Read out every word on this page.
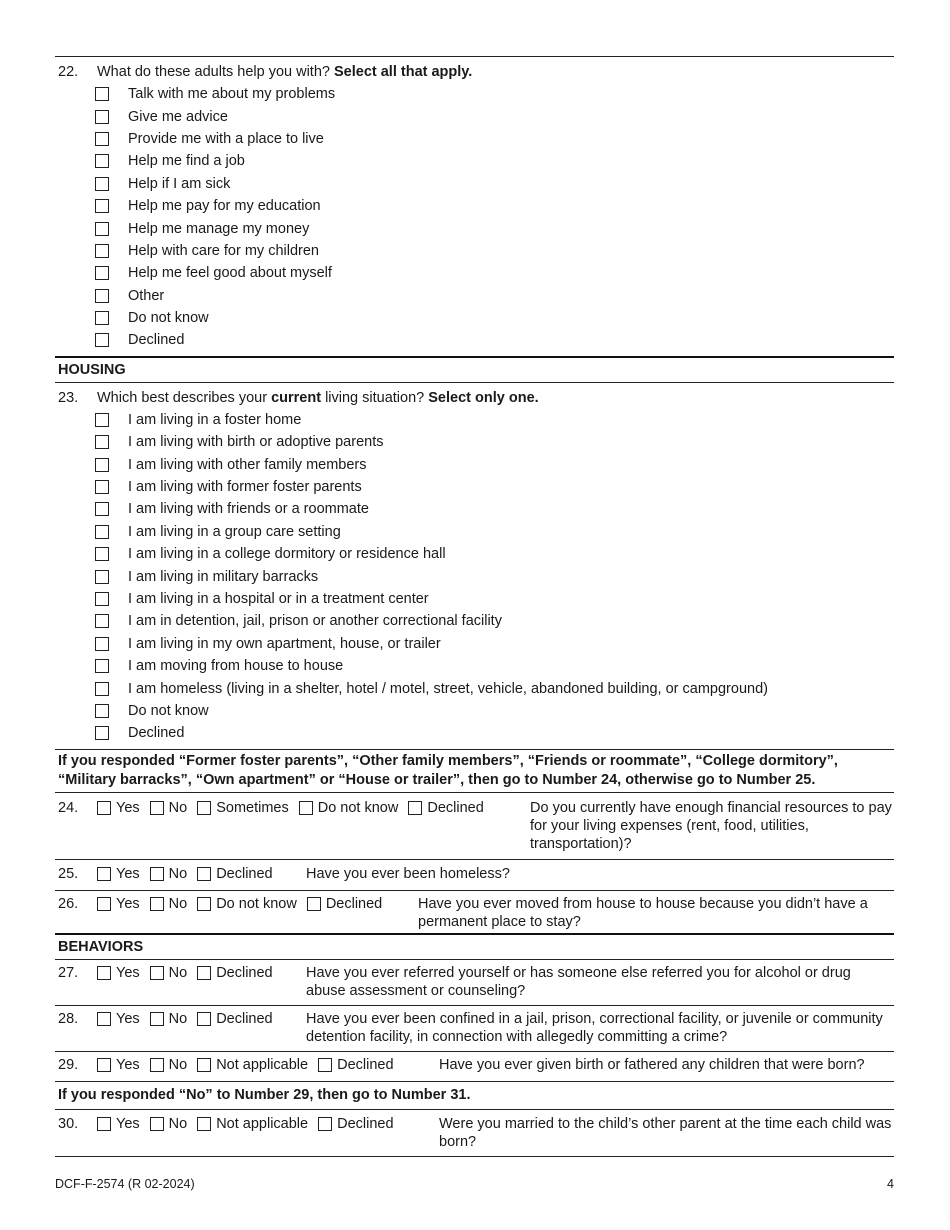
22.	What do these adults help you with? Select all that apply.
Talk with me about my problems
Give me advice
Provide me with a place to live
Help me find a job
Help if I am sick
Help me pay for my education
Help me manage my money
Help with care for my children
Help me feel good about myself
Other
Do not know
Declined
HOUSING
23.	Which best describes your current living situation? Select only one.
I am living in a foster home
I am living with birth or adoptive parents
I am living with other family members
I am living with former foster parents
I am living with friends or a roommate
I am living in a group care setting
I am living in a college dormitory or residence hall
I am living in military barracks
I am living in a hospital or in a treatment center
I am in detention, jail, prison or another correctional facility
I am living in my own apartment, house, or trailer
I am moving from house to house
I am homeless (living in a shelter, hotel / motel, street, vehicle, abandoned building, or campground)
Do not know
Declined
If you responded “Former foster parents”, “Other family members”, “Friends or roommate”, “College dormitory”, “Military barracks”, “Own apartment” or “House or trailer”, then go to Number 24, otherwise go to Number 25.
24.	Yes No Sometimes Do not know Declined	Do you currently have enough financial resources to pay for your living expenses (rent, food, utilities, transportation)?
25.	Yes No Declined Have you ever been homeless?
26.	Yes No Do not know Declined Have you ever moved from house to house because you didn’t have a permanent place to stay?
BEHAVIORS
27.	Yes No Declined Have you ever referred yourself or has someone else referred you for alcohol or drug abuse assessment or counseling?
28.	Yes No Declined Have you ever been confined in a jail, prison, correctional facility, or juvenile or community detention facility, in connection with allegedly committing a crime?
29.	Yes No Not applicable Declined	Have you ever given birth or fathered any children that were born?
If you responded “No” to Number 29, then go to Number 31.
30.	Yes No Not applicable Declined	Were you married to the child’s other parent at the time each child was born?
DCF-F-2574 (R 02-2024)	4
